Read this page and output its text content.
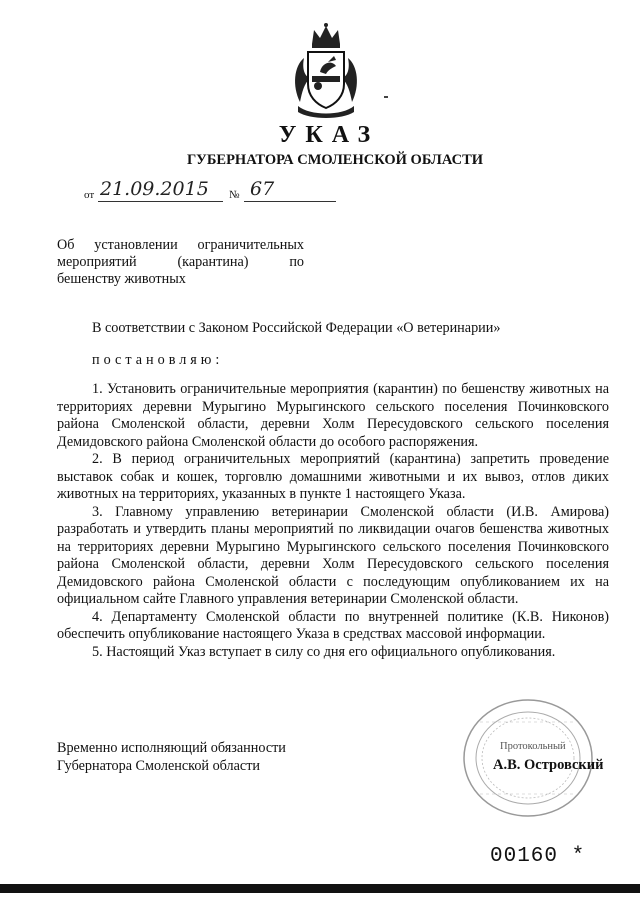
УКАЗ
ГУБЕРНАТОРА СМОЛЕНСКОЙ ОБЛАСТИ
от 21.09.2015 № 67
Об установлении ограничительных
мероприятий	(карантина)	по
бешенству животных
В соответствии с Законом Российской Федерации «О ветеринарии»
постановляю:

1. Установить ограничительные мероприятия (карантин) по бешенству животных на территориях деревни Мурыгино Мурыгинского сельского поселения Починковского района Смоленской области, деревни Холм Пересудовского сельского поселения Демидовского района Смоленской области до особого распоряжения.

2. В период ограничительных мероприятий (карантина) запретить проведение выставок собак и кошек, торговлю домашними животными и их вывоз, отлов диких животных на территориях, указанных в пункте 1 настоящего Указа.

3. Главному управлению ветеринарии Смоленской области (И.В. Амирова) разработать и утвердить планы мероприятий по ликвидации очагов бешенства животных на территориях деревни Мурыгино Мурыгинского сельского поселения Починковского района Смоленской области, деревни Холм Пересудовского сельского поселения Демидовского района Смоленской области с последующим опубликованием их на официальном сайте Главного управления ветеринарии Смоленской области.

4. Департаменту Смоленской области по внутренней политике (К.В. Никонов) обеспечить опубликование настоящего Указа в средствах массовой информации.

5. Настоящий Указ вступает в силу со дня его официального опубликования.

Временно исполняющий обязанности
Губернатора Смоленской области
Протокольный
А.В. Островский
00160 *
